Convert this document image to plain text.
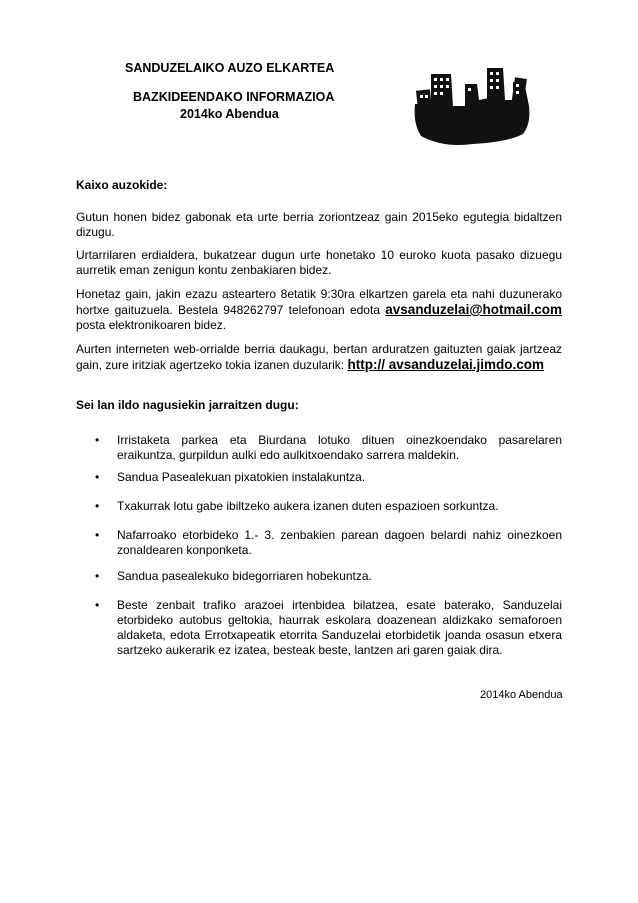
SANDUZELAIKO AUZO ELKARTEA
BAZKIDEENDAKO INFORMAZIOA
2014ko Abendua

Kaixo auzokide:

Gutun honen bidez gabonak eta urte berria zoriontzeaz gain 2015eko egutegia bidaltzen dizugu.

Urtarrilaren erdialdera, bukatzear dugun urte honetako 10 euroko kuota pasako dizuegu aurretik eman zenigun kontu zenbakiaren bidez.

Honetaz gain, jakin ezazu asteartero 8etatik 9:30ra elkartzen garela eta nahi duzunerako hortxe gaituzuela. Bestela 948262797 telefonoan edota avsanduzelai@hotmail.com posta elektronikoaren bidez.

Aurten interneten web-orrialde berria daukagu, bertan arduratzen gaituzten gaiak jartzeaz gain, zure iritziak agertzeko tokia izanen duzularik: http:// avsanduzelai.jimdo.com

Sei lan ildo nagusiekin jarraitzen dugu:

• Irristaketa parkea eta Biurdana lotuko dituen oinezkoendako pasarelaren eraikuntza, gurpildun aulki edo aulkitxoendako sarrera maldekin.
• Sandua Pasealekuan pixatokien instalakuntza.
• Txakurrak lotu gabe ibiltzeko aukera izanen duten espazioen sorkuntza.
• Nafarroako etorbideko 1.- 3. zenbakien parean dagoen belardi nahiz oinezkoen zonaldearen konponketa.
• Sandua pasealekuko bidegorriaren hobekuntza.
• Beste zenbait trafiko arazoei irtenbidea bilatzea, esate baterako, Sanduzelai etorbideko autobus geltokia, haurrak eskolara doazenean aldizkako semaforoen aldaketa, edota Errotxapeatik etorrita Sanduzelai etorbidetik joanda osasun etxera sartzeko aukerarik ez izatea, besteak beste, lantzen ari garen gaiak dira.
2014ko Abendua
